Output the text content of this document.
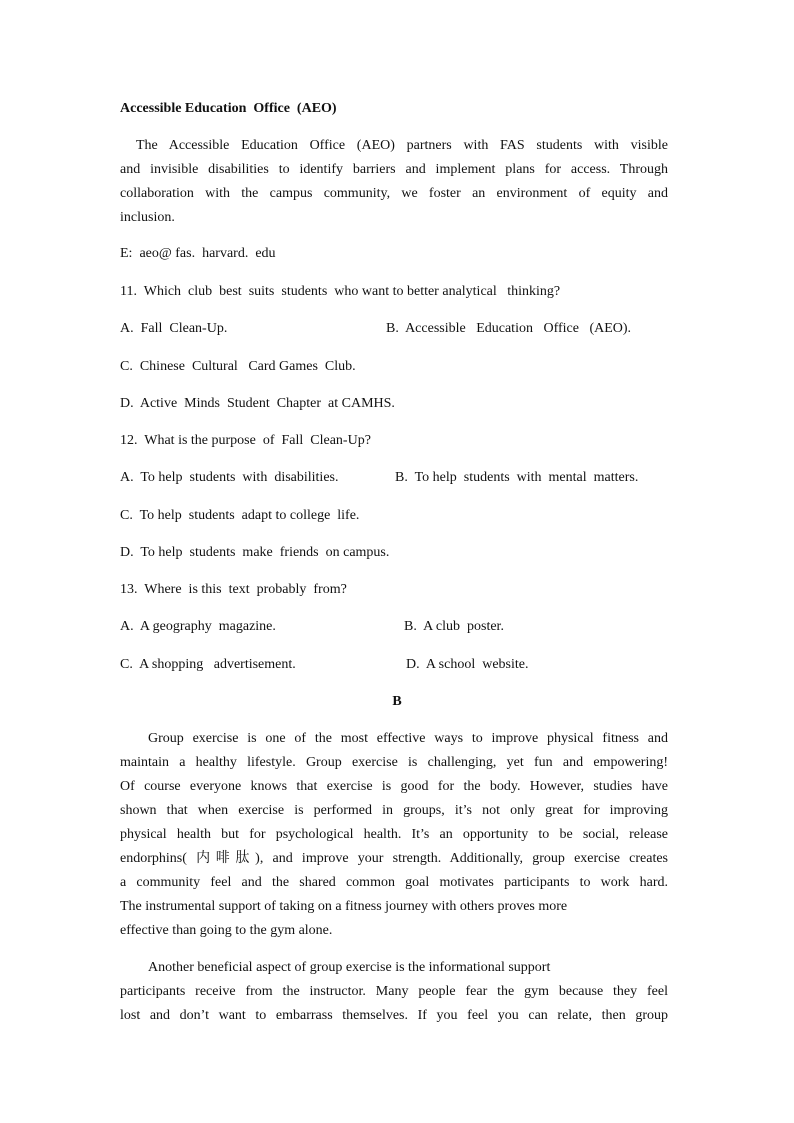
Accessible Education  Office  (AEO)
The Accessible Education Office (AEO) partners with FAS students with visible
and invisible disabilities to identify barriers and implement plans for access. Through
collaboration with the campus community, we foster an environment of equity and
inclusion.
E:  aeo@ fas.  harvard.  edu
11.  Which  club  best  suits  students  who want to better analytical   thinking?
A.  Fall  Clean-Up.	B.  Accessible   Education   Office   (AEO).
C.  Chinese  Cultural   Card Games  Club.
D.  Active  Minds  Student  Chapter  at CAMHS.
12.  What is the purpose  of  Fall  Clean-Up?
A.  To help  students  with  disabilities.	B.  To help  students  with  mental  matters.
C.  To help  students  adapt to college  life.
D.  To help  students  make  friends  on campus.
13.  Where  is this  text  probably  from?
A.  A geography  magazine.	B.  A club  poster.
C.  A shopping   advertisement.	D.  A school  website.
B
Group exercise is one of the most effective ways to improve physical fitness and
maintain a healthy lifestyle. Group exercise is challenging, yet fun and empowering!
Of course everyone knows that exercise is good for the body. However, studies have
shown that when exercise is performed in groups, it’s not only great for improving
physical health but for psychological health. It’s an opportunity to be social, release
endorphins( 内啡肽), and improve your strength. Additionally, group exercise creates
a community feel and the shared common goal motivates participants to work hard.
The instrumental support of taking on a fitness journey with others proves more
effective than going to the gym alone.
Another beneficial aspect of group exercise is the informational support
participants receive from the instructor. Many people fear the gym because they feel
lost and don’t want to embarrass themselves. If you feel you can relate, then group
